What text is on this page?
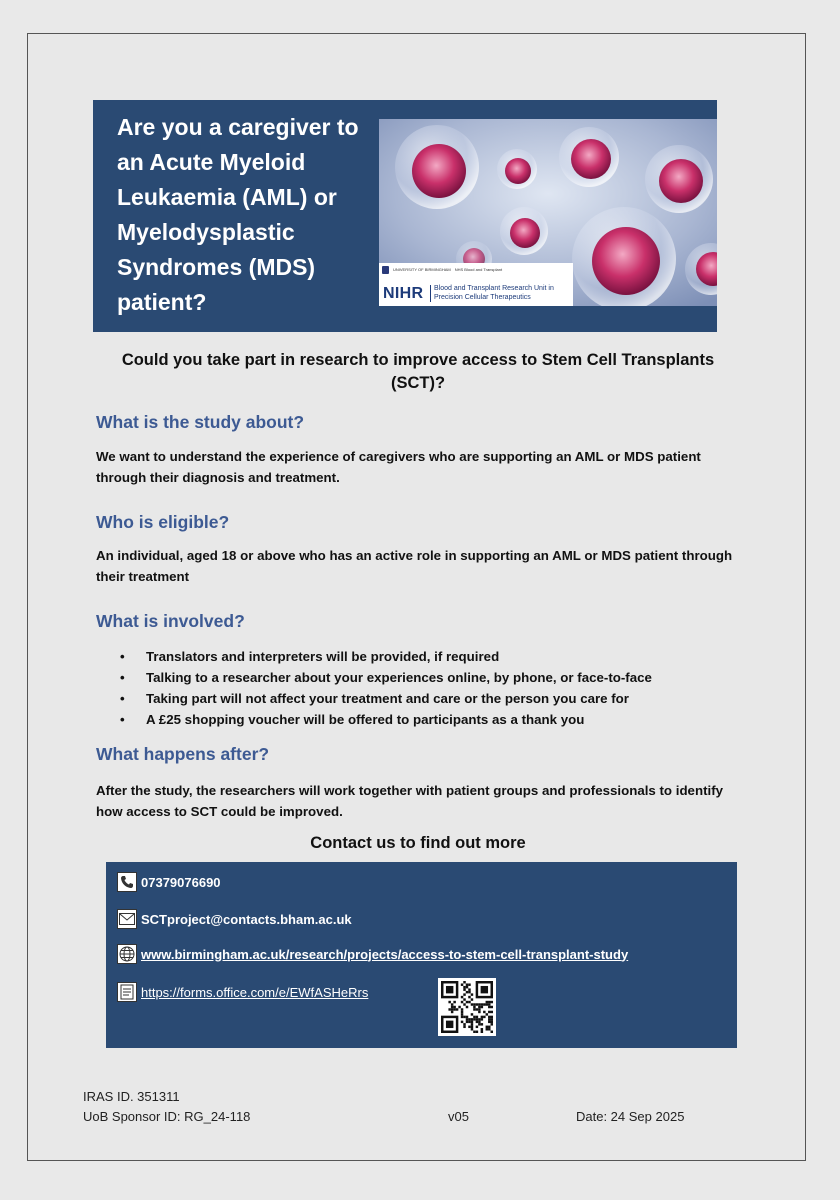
Are you a caregiver to an Acute Myeloid Leukaemia (AML) or Myelodysplastic Syndromes (MDS) patient?
UNIVERSITY OF BIRMINGHAM NHS Blood and Transplant
NIHR Blood and Transplant Research Unit in Precision Cellular Therapeutics
Could you take part in research to improve access to Stem Cell Transplants (SCT)?
What is the study about?
We want to understand the experience of caregivers who are supporting an AML or MDS patient through their diagnosis and treatment.
Who is eligible?
An individual, aged 18 or above who has an active role in supporting an AML or MDS patient through their treatment
What is involved?
•	Translators and interpreters will be provided, if required
•	Talking to a researcher about your experiences online, by phone, or face-to-face
•	Taking part will not affect your treatment and care or the person you care for
•	A £25 shopping voucher will be offered to participants as a thank you
What happens after?
After the study, the researchers will work together with patient groups and professionals to identify how access to SCT could be improved.
Contact us to find out more
07379076690
SCTproject@contacts.bham.ac.uk
www.birmingham.ac.uk/research/projects/access-to-stem-cell-transplant-study
https://forms.office.com/e/EWfASHeRrs
IRAS ID. 351311
UoB Sponsor ID: RG_24-118	v05	Date: 24 Sep 2025
